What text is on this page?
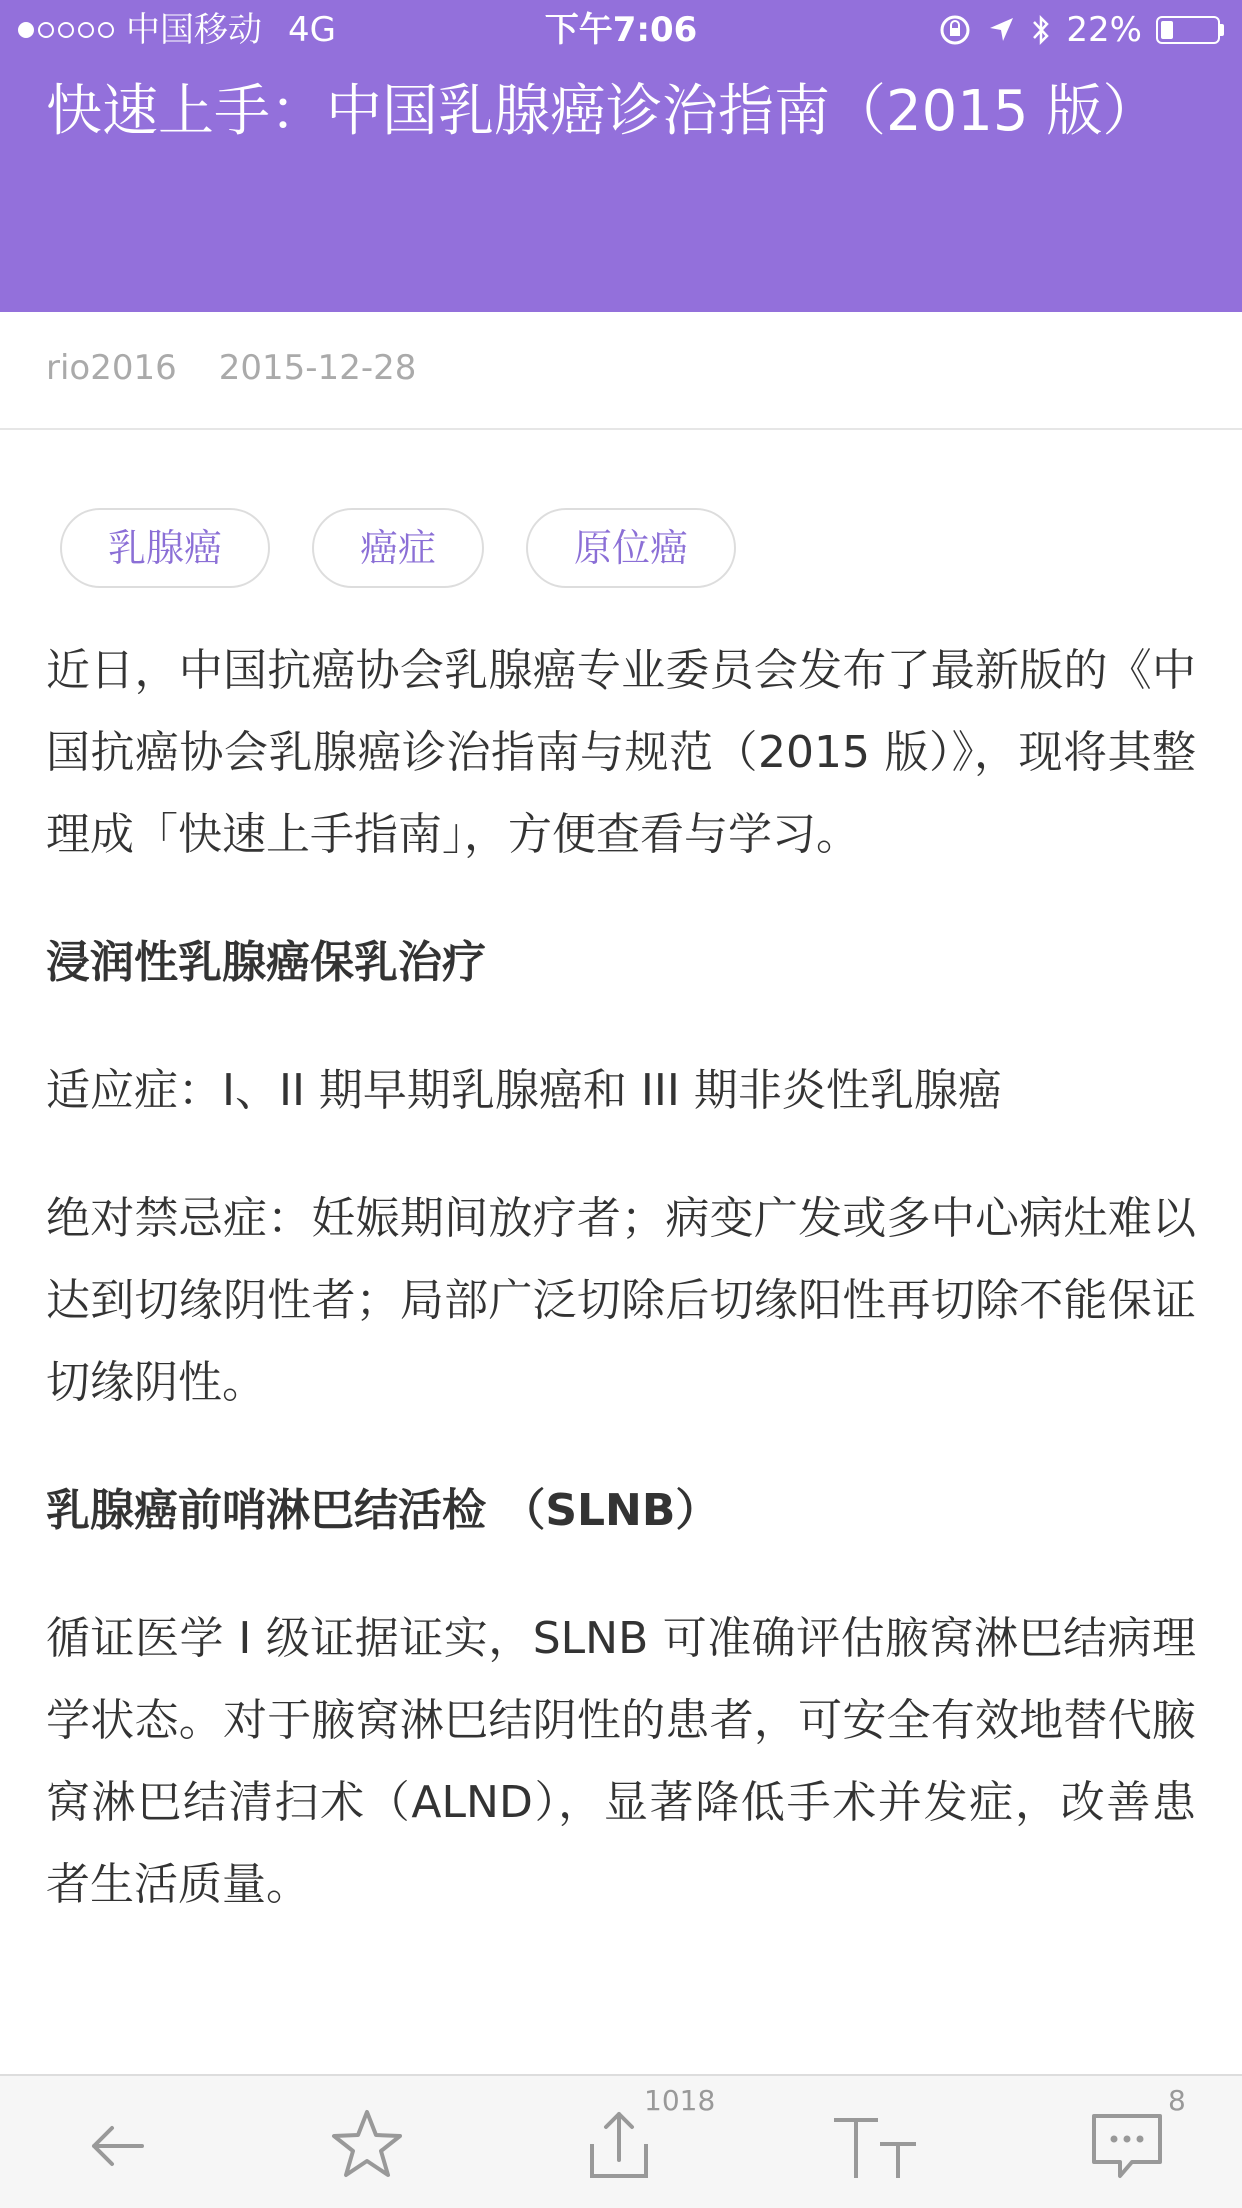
中国移动 4G	下午7:06	22%
快速上手：中国乳腺癌诊治指南（2015 版）
rio2016 2015-12-28
乳腺癌	癌症	原位癌

近日，中国抗癌协会乳腺癌专业委员会发布了最新版的《中国抗癌协会乳腺癌诊治指南与规范（2015 版）》，现将其整理成「快速上手指南」，方便查看与学习。

浸润性乳腺癌保乳治疗

适应症：I、II 期早期乳腺癌和 III 期非炎性乳腺癌

绝对禁忌症：妊娠期间放疗者；病变广发或多中心病灶难以达到切缘阴性者；局部广泛切除后切缘阳性再切除不能保证切缘阴性。

乳腺癌前哨淋巴结活检 （SLNB）

循证医学 I 级证据证实，SLNB 可准确评估腋窝淋巴结病理学状态。对于腋窝淋巴结阴性的患者，可安全有效地替代腋窝淋巴结清扫术（ALND），显著降低手术并发症，改善患者生活质量。

1018	8
